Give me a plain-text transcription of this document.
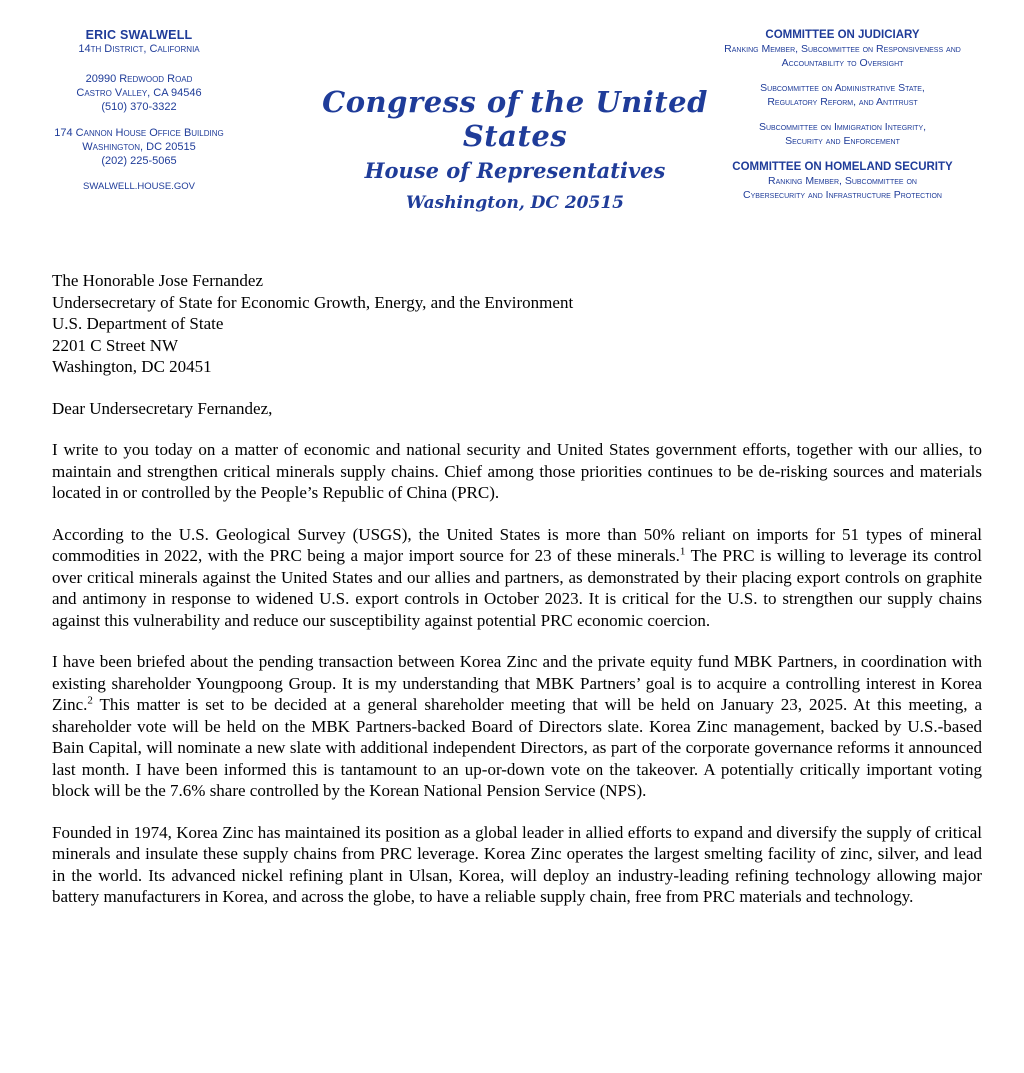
ERIC SWALWELL
14th District, California
20990 Redwood Road
Castro Valley, CA 94546
(510) 370-3322
174 Cannon House Office Building
Washington, DC 20515
(202) 225-5065
SWALWELL.HOUSE.GOV
Congress of the United States
House of Representatives
Washington, DC 20515
COMMITTEE ON JUDICIARY
Ranking Member, Subcommittee on Responsiveness and
Accountability to Oversight
Subcommittee on Administrative State,
Regulatory Reform, and Antitrust
Subcommittee on Immigration Integrity,
Security and Enforcement
COMMITTEE ON HOMELAND SECURITY
Ranking Member, Subcommittee on
Cybersecurity and Infrastructure Protection
The Honorable Jose Fernandez
Undersecretary of State for Economic Growth, Energy, and the Environment
U.S. Department of State
2201 C Street NW
Washington, DC 20451
Dear Undersecretary Fernandez,

I write to you today on a matter of economic and national security and United States government efforts, together with our allies, to maintain and strengthen critical minerals supply chains. Chief among those priorities continues to be de-risking sources and materials located in or controlled by the People’s Republic of China (PRC).

According to the U.S. Geological Survey (USGS), the United States is more than 50% reliant on imports for 51 types of mineral commodities in 2022, with the PRC being a major import source for 23 of these minerals.$^1$ The PRC is willing to leverage its control over critical minerals against the United States and our allies and partners, as demonstrated by their placing export controls on graphite and antimony in response to widened U.S. export controls in October 2023. It is critical for the U.S. to strengthen our supply chains against this vulnerability and reduce our susceptibility against potential PRC economic coercion.

I have been briefed about the pending transaction between Korea Zinc and the private equity fund MBK Partners, in coordination with existing shareholder Youngpoong Group. It is my understanding that MBK Partners’ goal is to acquire a controlling interest in Korea Zinc.$^2$ This matter is set to be decided at a general shareholder meeting that will be held on January 23, 2025. At this meeting, a shareholder vote will be held on the MBK Partners-backed Board of Directors slate. Korea Zinc management, backed by U.S.-based Bain Capital, will nominate a new slate with additional independent Directors, as part of the corporate governance reforms it announced last month. I have been informed this is tantamount to an up-or-down vote on the takeover. A potentially critically important voting block will be the 7.6% share controlled by the Korean National Pension Service (NPS).

Founded in 1974, Korea Zinc has maintained its position as a global leader in allied efforts to expand and diversify the supply of critical minerals and insulate these supply chains from PRC leverage. Korea Zinc operates the largest smelting facility of zinc, silver, and lead in the world. Its advanced nickel refining plant in Ulsan, Korea, will deploy an industry-leading refining technology allowing major battery manufacturers in Korea, and across the globe, to have a reliable supply chain, free from PRC materials and technology.
